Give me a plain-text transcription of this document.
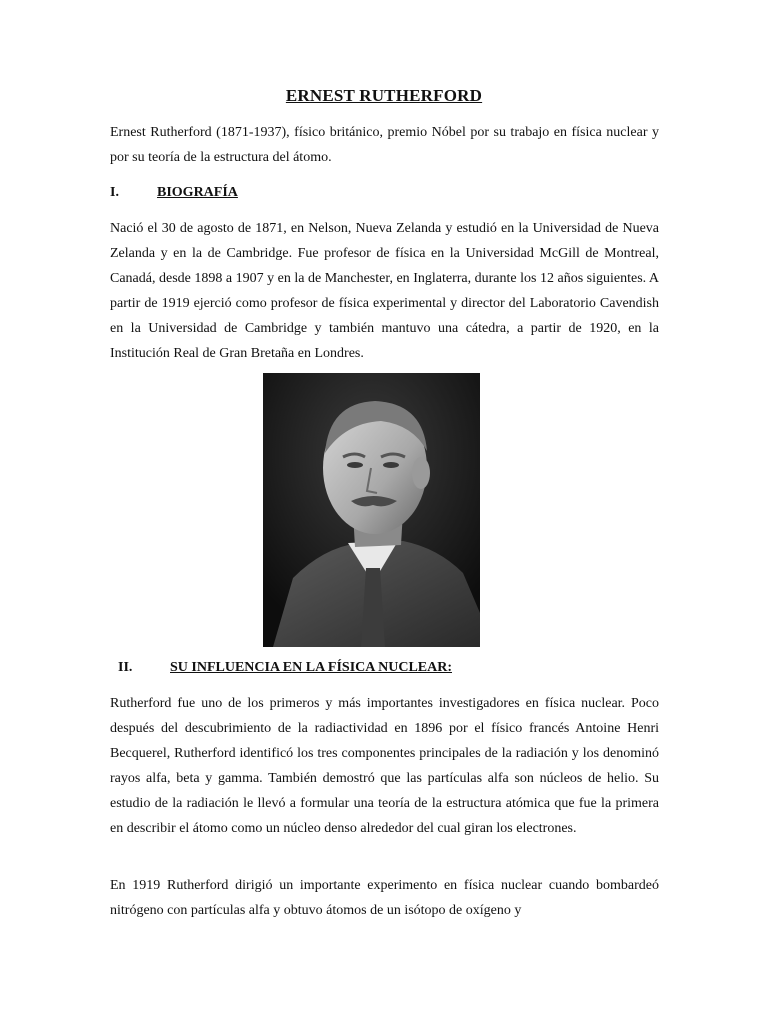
ERNEST RUTHERFORD

Ernest Rutherford (1871-1937), físico británico, premio Nóbel por su trabajo en física nuclear y por su teoría de la estructura del átomo.

I.	BIOGRAFÍA

Nació el 30 de agosto de 1871, en Nelson, Nueva Zelanda y estudió en la Universidad de Nueva Zelanda y en la de Cambridge. Fue profesor de física en la Universidad McGill de Montreal, Canadá, desde 1898 a 1907 y en la de Manchester, en Inglaterra, durante los 12 años siguientes. A partir de 1919 ejerció como profesor de física experimental y director del Laboratorio Cavendish en la Universidad de Cambridge y también mantuvo una cátedra, a partir de 1920, en la Institución Real de Gran Bretaña en Londres.

II.	SU INFLUENCIA EN LA FÍSICA NUCLEAR:

Rutherford fue uno de los primeros y más importantes investigadores en física nuclear. Poco después del descubrimiento de la radiactividad en 1896 por el físico francés Antoine Henri Becquerel, Rutherford identificó los tres componentes principales de la radiación y los denominó rayos alfa, beta y gamma. También demostró que las partículas alfa son núcleos de helio. Su estudio de la radiación le llevó a formular una teoría de la estructura atómica que fue la primera en describir el átomo como un núcleo denso alrededor del cual giran los electrones.

En 1919 Rutherford dirigió un importante experimento en física nuclear cuando bombardeó nitrógeno con partículas alfa y obtuvo átomos de un isótopo de oxígeno y
